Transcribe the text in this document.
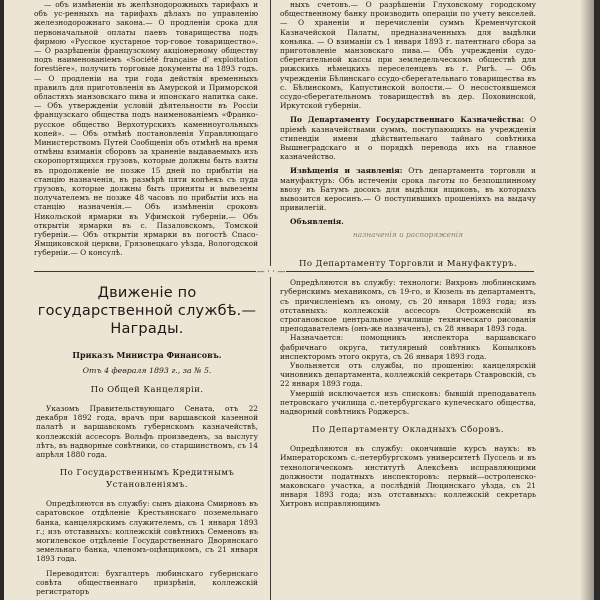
— объ измѣненіи въ желѣзнодорожныхъ тарифахъ и объ ус-ренныхъ на тарифахъ дѣлахъ по управленію железнодорожнаго закона.— О продленіи срока для первоначальной оплаты паевъ товарищества подъ фирмою «Русское кустарное тор-говое товарищество». — О разрѣшеніи французскому акціонерному обществу подъ наименованіемъ «Société française d' exploitation forestière», получить торговые документы на 1893 годъ. — О продленіи на три года действія временныхъ правилъ для приготовленія въ Амурской и Приморской областяхъ мaнзовскaго пива и японскаго напитка саке.— Объ утвержденіи условій дѣятельности въ Россіи французскаго общества подъ наименованіемъ «Франко-русское общество Верхотурскихъ каменноугольныхъ копей». — Объ отмѣнѣ постановленія Управляющаго Министерствомъ Путей Сообщенія объ отмѣнѣ на время отмѣны взиманія сборовъ за храненіе выдаваемыхъ изъ скоропортящихся грузовъ, которые должны быть взяты въ продолженіе не позже 15 дней по прибытіи на станцію назначенія, въ размѣрѣ пяти копѣекъ съ пуда грузовъ, которые должны быть приняты и вывезены получателемъ не позже 48 часовъ по прибытіи ихъ на станцію назначенія.— Объ измѣненіи сроковъ Никольской ярмарки въ Уфимской губерніи.— Объ открытіи ярмарки въ с. Пазаловскомъ, Томской губерніи.— Объ открытіи ярмарки въ погостѣ Спасо-Ямщиковской церкви, Грязовецкаго уѣзда, Вологодской губерніи.— О консулѣ.

ныхъ счетовъ.— О разрѣшеніи Глуховскому городскому общественному банку производить операціи по учету векселей.— О храненіи и перечисленіи суммъ Кременчугской Казначейской Палаты, предназначенныхъ для выдѣлки коньяка. — О взиманіи съ 1 января 1893 г. патентнаго сбора за приготовленіе манзовскаго пива.— Объ учрежденіи судо-сберегательной кассы при земледельческомъ обществѣ для рижскихъ нѣмецкихъ переселенцевъ въ г. Ригѣ. — Объ учрежденіи Бѣлинскаго ссудо-сберегательнаго товарищества въ с. Бѣлинскомъ, Капустинской волости.— О несостоявшемся ссудо-сберегательномъ товариществѣ въ дер. Поховинской, Иркутской губерніи.

По Департаменту Государственнаго Казначейства: О пріемѣ казначействами суммъ, поступающихъ на учрежденія стипендіи имени дѣйствительнаго тайнаго совѣтника Вышнеградскаго и о порядкѣ перевода ихъ на главное казначейство.

Извѣщенія и заявленія: Отъ департамента торговли и мануфактуръ: Объ истеченіи срока льготы по безпошлинному ввозу въ Батумъ досокъ для выдѣлки ящиковъ, въ которыхъ вывозится керосинъ.— О поступившихъ прошеніяхъ на выдачу привилегій.

Объявленія.

— · · —
Движеніе по государственной службѣ.—Награды.
Приказъ Министра Финансовъ.
Отъ 4 февраля 1893 г., за № 5.
По Общей Канцеляріи.

Указомъ Правительствующаго Сената, отъ 22 декабря 1892 года, врачъ при варшавской казенной палатѣ и варшавскомъ губернскомъ казначействѣ, коллежскій ассесоръ Вольфъ произведенъ, за выслугу лѣтъ, въ надворные совѣтники, со старшинствомъ, съ 14 апрѣля 1880 года.

По Государственнымъ Кредитнымъ Установленіямъ.

Опредѣляются въ службу: сынъ діакона Смирновъ въ саратовское отдѣленіе Крестьянскаго поземельнаго банка, канцелярскимъ служителемъ, съ 1 января 1893 г.; изъ отставныхъ: коллежскій совѣтникъ Семеновъ въ могилевское отдѣленіе Государственнаго Дворянскаго земельнаго банка, членомъ-оцѣнщикомъ, съ 21 января 1893 года.

Переводятся: бухгалтеръ любинскаго губернскаго совѣта общественнаго призрѣнія, коллежскій регистраторъ

назначенія и распоряженія
По Департаменту Торговли и Мануфактуръ.

Опредѣляются въ службу: технологи: Вихровъ люблинскимъ губернскимъ механикомъ, съ 19-го, и Кюзель въ департаментъ, съ причисленіемъ къ оному, съ 20 января 1893 года; изъ отставныхъ: коллежскій ассесоръ Остроженскій въ строгановское центральное училище техническаго рисованія преподавателемъ (онъ-же назначенъ), съ 28 января 1893 года.

Назначается: помощникъ инспектора варшавскаго фабричнаго округа, титулярный совѣтникъ Копылковъ инспекторомъ этого округа, съ 26 января 1893 года.

Увольняется отъ службы, по прошенію: канцелярскій чиновникъ департамента, коллежскій секретарь Ставровскій, съ 22 января 1893 года.

Умершій исключается изъ списковъ: бывшій преподаватель петровскаго училища с.-петербургскаго купеческаго общества, надворный совѣтникъ Роджерсъ.

По Департаменту Окладныхъ Сборовъ.

Опредѣляются въ службу: окончившіе курсъ наукъ: въ Императорскомъ с.-петербургскомъ университетѣ Пуссель и въ технологическомъ институтѣ Алексѣевъ исправляющими должности податныхъ инспекторовъ: первый—остроленско-маковскаго участка, а послѣдній Люцинскаго уѣзда, съ 21 января 1893 года; изъ отставныхъ: коллежскій секретарь Хитровъ исправляющимъ
